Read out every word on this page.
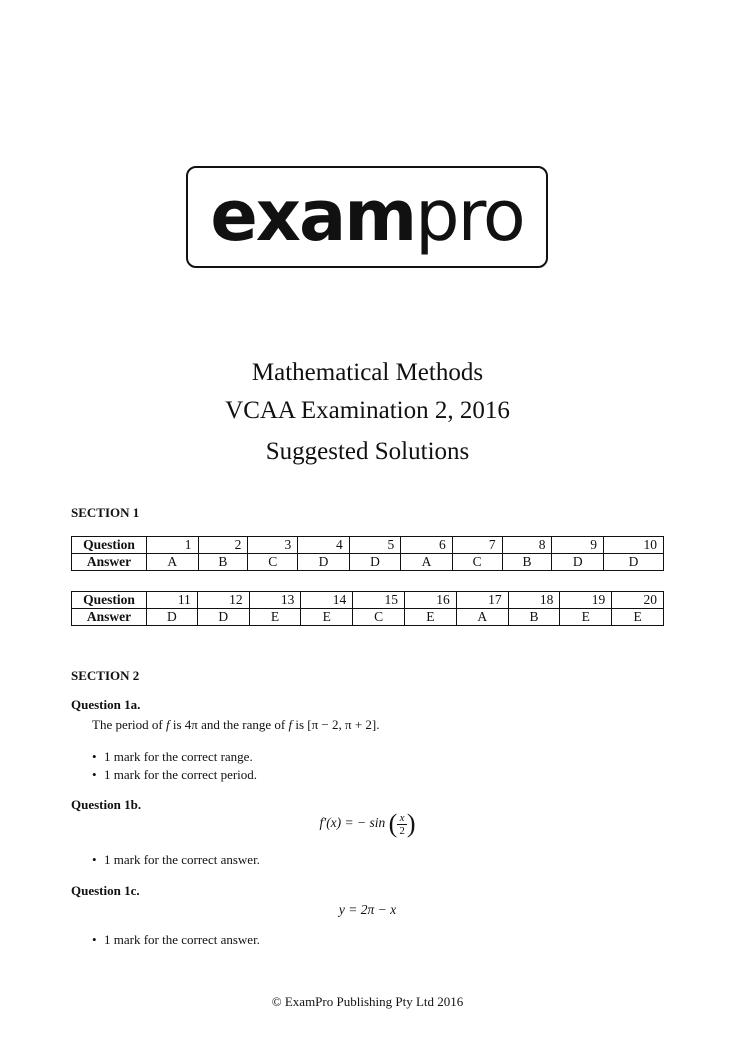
exampro
Mathematical Methods
VCAA Examination 2, 2016
Suggested Solutions
SECTION 1
Question	1	2	3	4	5	6	7	8	9	10
Answer	A	B	C	D	D	A	C	B	D	D
Question	11	12	13	14	15	16	17	18	19	20
Answer	D	D	E	E	C	E	A	B	E	E
SECTION 2
Question 1a.
The period of f is 4π and the range of f is [π − 2, π + 2].
• 1 mark for the correct range.
• 1 mark for the correct period.
Question 1b.
f′(x) = − sin ( $\frac{x}{2}$ )
• 1 mark for the correct answer.
Question 1c.
y = 2π − x
• 1 mark for the correct answer.
© ExamPro Publishing Pty Ltd 2016
